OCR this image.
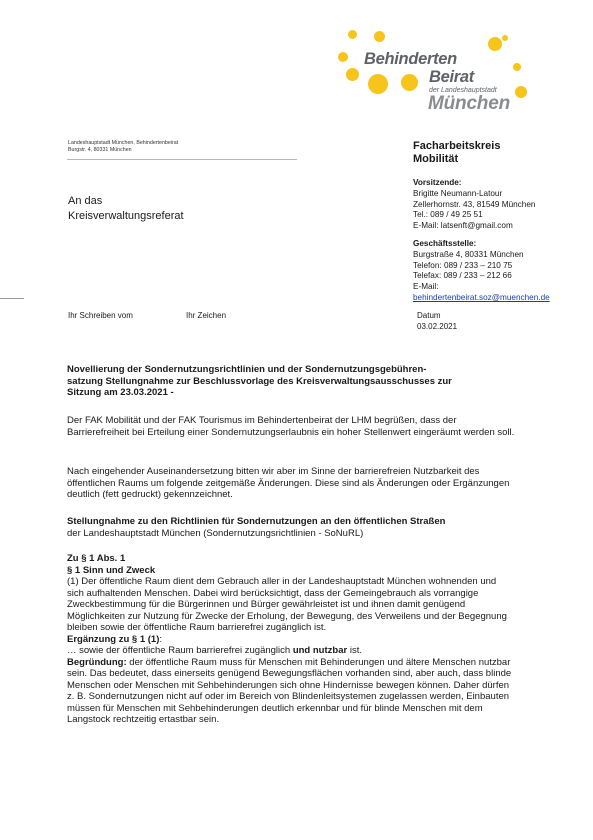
Behinderten
Beirat
der Landeshauptstadt
München
Landeshauptstadt München, Behindertenbeirat
Burgstr. 4, 80331 München
An das
Kreisverwaltungsreferat
Facharbeitskreis
Mobilität
Vorsitzende:
Brigitte Neumann-Latour
Zellerhornstr. 43, 81549 München
Tel.: 089 / 49 25 51
E-Mail: latsenft@gmail.com
Geschäftsstelle:
Burgstraße 4, 80331 München
Telefon: 089 / 233 – 210 75
Telefax: 089 / 233 – 212 66
E-Mail:
behindertenbeirat.soz@muenchen.de
Ihr Schreiben vom	Ihr Zeichen	Datum
03.02.2021
Novellierung der Sondernutzungsrichtlinien und der Sondernutzungsgebühren-
satzung Stellungnahme zur Beschlussvorlage des Kreisverwaltungsausschusses zur
Sitzung am 23.03.2021 -

Der FAK Mobilität und der FAK Tourismus im Behindertenbeirat der LHM begrüßen, dass der Barrierefreiheit bei Erteilung einer Sondernutzungserlaubnis ein hoher Stellenwert eingeräumt werden soll.

Nach eingehender Auseinandersetzung bitten wir aber im Sinne der barrierefreien Nutzbarkeit des öffentlichen Raums um folgende zeitgemäße Änderungen. Diese sind als Änderungen oder Ergänzungen deutlich (fett gedruckt) gekennzeichnet.

Stellungnahme zu den Richtlinien für Sondernutzungen an den öffentlichen Straßen
der Landeshauptstadt München (Sondernutzungsrichtlinien - SoNuRL)
Zu § 1 Abs. 1
§ 1 Sinn und Zweck

(1) Der öffentliche Raum dient dem Gebrauch aller in der Landeshauptstadt München wohnenden und sich aufhaltenden Menschen. Dabei wird berücksichtigt, dass der Gemeingebrauch als vorrangige Zweckbestimmung für die Bürgerinnen und Bürger gewährleistet ist und ihnen damit genügend Möglichkeiten zur Nutzung für Zwecke der Erholung, der Bewegung, des Verweilens und der Begegnung bleiben sowie der öffentliche Raum barrierefrei zugänglich ist.

Ergänzung zu § 1 (1):
… sowie der öffentliche Raum barrierefrei zugänglich und nutzbar ist.

Begründung: der öffentliche Raum muss für Menschen mit Behinderungen und ältere Menschen nutzbar sein. Das bedeutet, dass einerseits genügend Bewegungsflächen vorhanden sind, aber auch, dass blinde Menschen oder Menschen mit Sehbehinderungen sich ohne Hindernisse bewegen können. Daher dürfen z. B. Sondernutzungen nicht auf oder im Bereich von Blindenleitsystemen zugelassen werden, Einbauten müssen für Menschen mit Sehbehinderungen deutlich erkennbar und für blinde Menschen mit dem Langstock rechtzeitig ertastbar sein.
